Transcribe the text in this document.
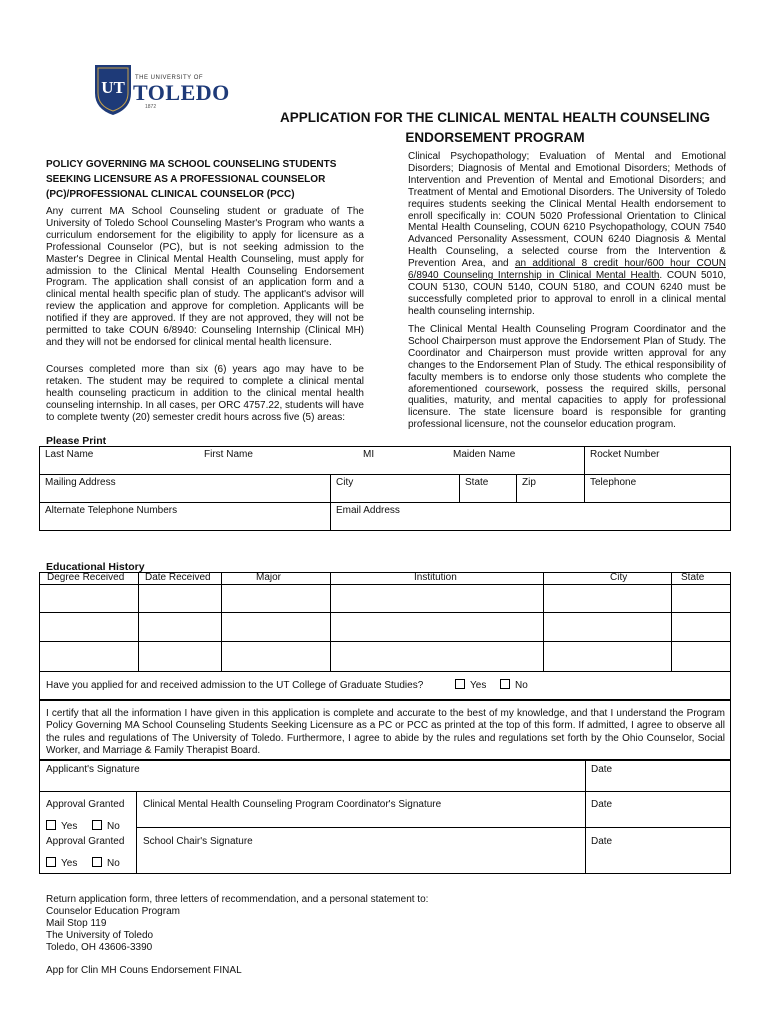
UT THE UNIVERSITY OF
TOLEDO
1872
APPLICATION FOR THE CLINICAL MENTAL HEALTH COUNSELING
ENDORSEMENT PROGRAM
POLICY GOVERNING MA SCHOOL COUNSELING STUDENTS SEEKING LICENSURE AS A PROFESSIONAL COUNSELOR (PC)/PROFESSIONAL CLINICAL COUNSELOR (PCC)
Any current MA School Counseling student or graduate of The University of Toledo School Counseling Master's Program who wants a curriculum endorsement for the eligibility to apply for licensure as a Professional Counselor (PC), but is not seeking admission to the Master's Degree in Clinical Mental Health Counseling, must apply for admission to the Clinical Mental Health Counseling Endorsement Program. The application shall consist of an application form and a clinical mental health specific plan of study. The applicant's advisor will review the application and approve for completion. Applicants will be notified if they are approved. If they are not approved, they will not be permitted to take COUN 6/8940: Counseling Internship (Clinical MH) and they will not be endorsed for clinical mental health licensure.
Courses completed more than six (6) years ago may have to be retaken. The student may be required to complete a clinical mental health counseling practicum in addition to the clinical mental health counseling internship. In all cases, per ORC 4757.22, students will have to complete twenty (20) semester credit hours across five (5) areas:
Clinical Psychopathology; Evaluation of Mental and Emotional Disorders; Diagnosis of Mental and Emotional Disorders; Methods of Intervention and Prevention of Mental and Emotional Disorders; and Treatment of Mental and Emotional Disorders. The University of Toledo requires students seeking the Clinical Mental Health endorsement to enroll specifically in: COUN 5020 Professional Orientation to Clinical Mental Health Counseling, COUN 6210 Psychopathology, COUN 7540 Advanced Personality Assessment, COUN 6240 Diagnosis & Mental Health Counseling, a selected course from the Intervention & Prevention Area, and an additional 8 credit hour/600 hour COUN 6/8940 Counseling Internship in Clinical Mental Health. COUN 5010, COUN 5130, COUN 5140, COUN 5180, and COUN 6240 must be successfully completed prior to approval to enroll in a clinical mental health counseling internship.
The Clinical Mental Health Counseling Program Coordinator and the School Chairperson must approve the Endorsement Plan of Study. The Coordinator and Chairperson must provide written approval for any changes to the Endorsement Plan of Study. The ethical responsibility of faculty members is to endorse only those students who complete the aforementioned coursework, possess the required skills, personal qualities, maturity, and mental capacities to apply for professional licensure. The state licensure board is responsible for granting professional licensure, not the counselor education program.
Please Print
Last Name	First Name	MI	Maiden Name	Rocket Number
Mailing Address	City	State	Zip	Telephone
Alternate Telephone Numbers	Email Address
Educational History
Degree Received Date Received	Major	Institution	City	State
Have you applied for and received admission to the UT College of Graduate Studies?	Yes	No
I certify that all the information I have given in this application is complete and accurate to the best of my knowledge, and that I understand the Program Policy Governing MA School Counseling Students Seeking Licensure as a PC or PCC as printed at the top of this form. If admitted, I agree to observe all the rules and regulations of The University of Toledo. Furthermore, I agree to abide by the rules and regulations set forth by the Ohio Counselor, Social Worker, and Marriage & Family Therapist Board.
Applicant's Signature	Date
Approval Granted Clinical Mental Health Counseling Program Coordinator's Signature	Date
Yes	No
Approval Granted School Chair's Signature	Date
Yes	No
Return application form, three letters of recommendation, and a personal statement to:
Counselor Education Program
Mail Stop 119
The University of Toledo
Toledo, OH 43606-3390
App for Clin MH Couns Endorsement FINAL
